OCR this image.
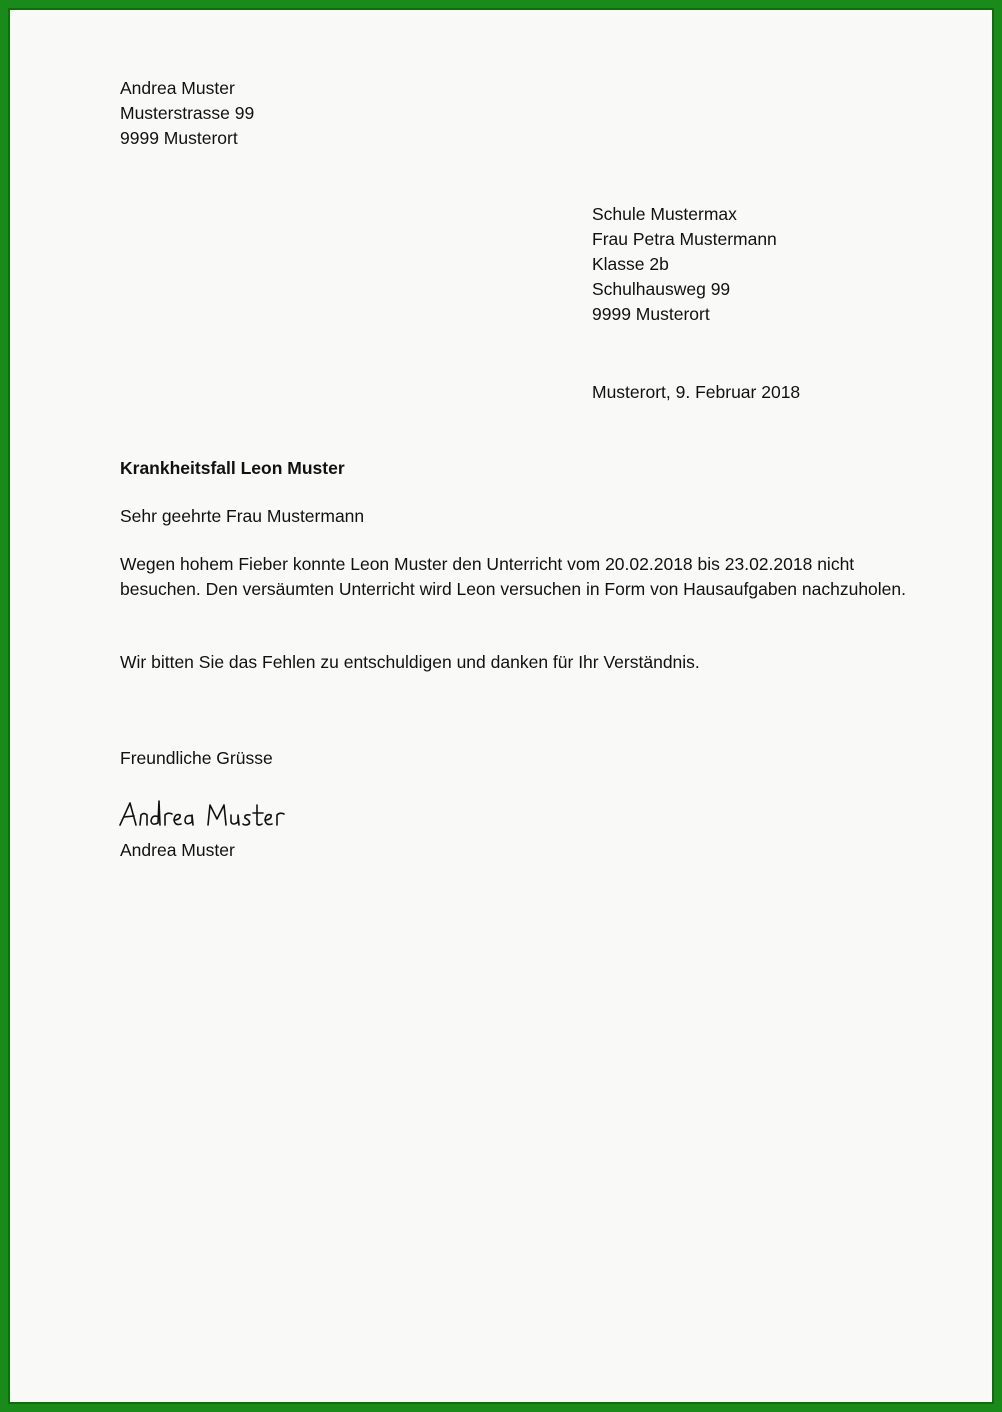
Andrea Muster
Musterstrasse 99
9999 Musterort
Schule Mustermax
Frau Petra Mustermann
Klasse 2b
Schulhausweg 99
9999 Musterort
Musterort, 9. Februar 2018
Krankheitsfall Leon Muster
Sehr geehrte Frau Mustermann
Wegen hohem Fieber konnte Leon Muster den Unterricht vom 20.02.2018 bis 23.02.2018 nicht besuchen. Den versäumten Unterricht wird Leon versuchen in Form von Hausaufgaben nachzuholen.
Wir bitten Sie das Fehlen zu entschuldigen und danken für Ihr Verständnis.
Freundliche Grüsse
Andrea Muster
